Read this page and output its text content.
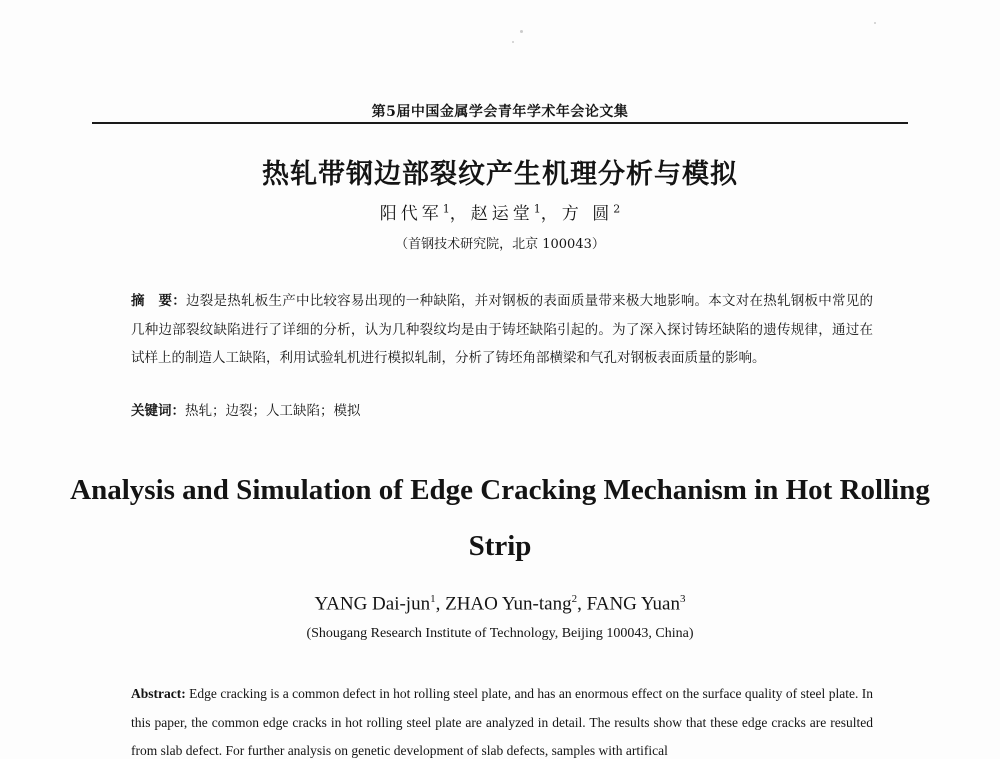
第5届中国金属学会青年学术年会论文集
热轧带钢边部裂纹产生机理分析与模拟
阳代军$^1$，赵运堂$^1$，方 圆$^2$
（首钢技术研究院，北京 100043）
摘　要：边裂是热轧板生产中比较容易出现的一种缺陷，并对钢板的表面质量带来极大地影响。本文对在热轧钢板中常见的几种边部裂纹缺陷进行了详细的分析，认为几种裂纹均是由于铸坯缺陷引起的。为了深入探讨铸坯缺陷的遗传规律，通过在试样上的制造人工缺陷，利用试验轧机进行模拟轧制，分析了铸坯角部横梁和气孔对钢板表面质量的影响。
关键词：热轧；边裂；人工缺陷；模拟
Analysis and Simulation of Edge Cracking Mechanism in Hot Rolling Strip
YANG Dai-jun$^1$, ZHAO Yun-tang$^2$, FANG Yuan$^3$
(Shougang Research Institute of Technology, Beijing 100043, China)
Abstract: Edge cracking is a common defect in hot rolling steel plate, and has an enormous effect on the surface quality of steel plate. In this paper, the common edge cracks in hot rolling steel plate are analyzed in detail. The results show that these edge cracks are resulted from slab defect. For further analysis on genetic development of slab defects, samples with artifical
